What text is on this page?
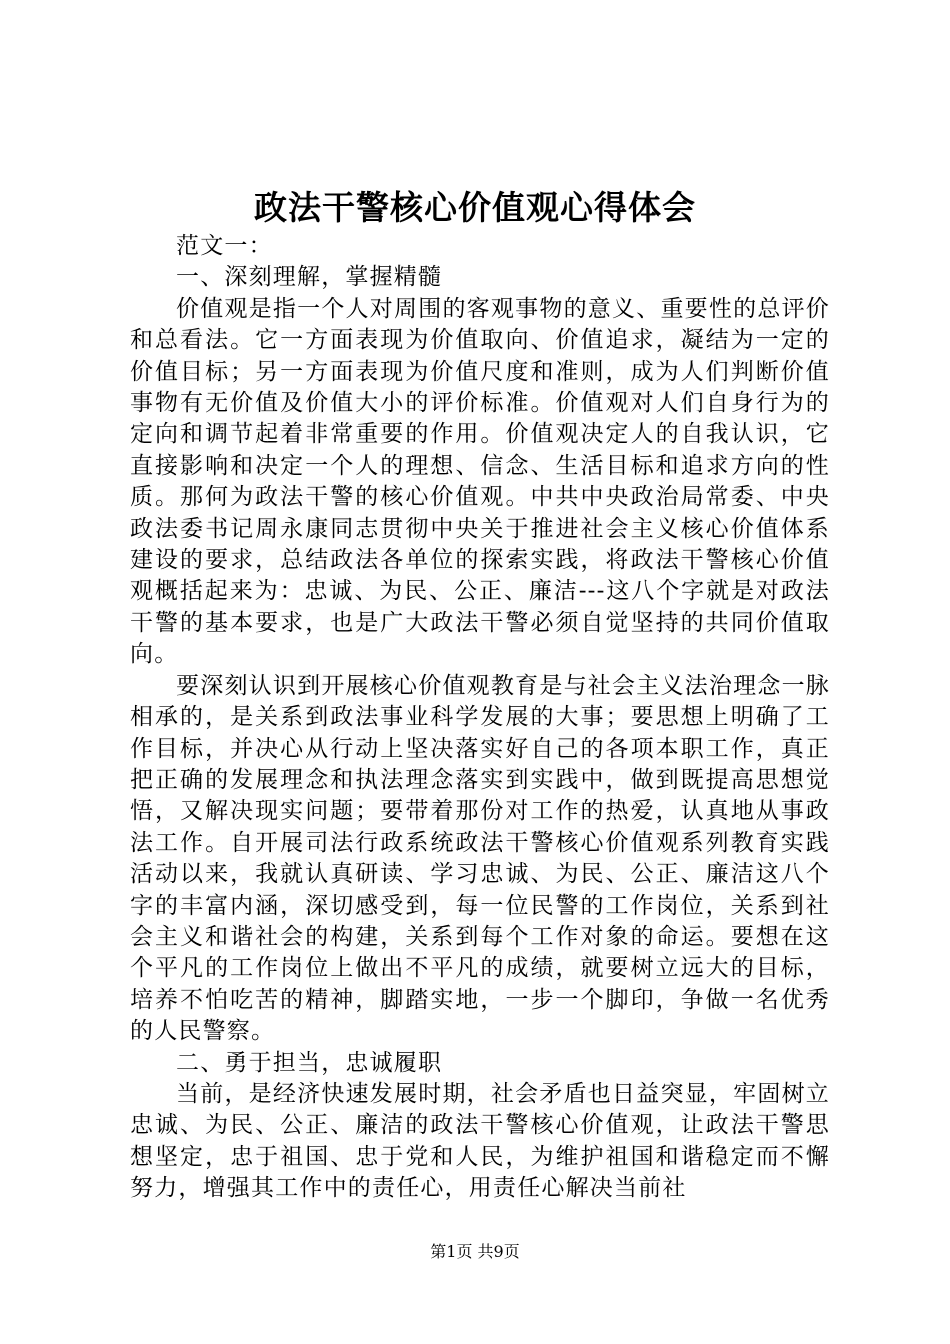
政法干警核心价值观心得体会

范文一：

一、深刻理解，掌握精髓

价值观是指一个人对周围的客观事物的意义、重要性的总评价和总看法。它一方面表现为价值取向、价值追求，凝结为一定的价值目标；另一方面表现为价值尺度和准则，成为人们判断价值事物有无价值及价值大小的评价标准。价值观对人们自身行为的定向和调节起着非常重要的作用。价值观决定人的自我认识，它直接影响和决定一个人的理想、信念、生活目标和追求方向的性质。那何为政法干警的核心价值观。中共中央政治局常委、中央政法委书记周永康同志贯彻中央关于推进社会主义核心价值体系建设的要求，总结政法各单位的探索实践，将政法干警核心价值观概括起来为：忠诚、为民、公正、廉洁---这八个字就是对政法干警的基本要求，也是广大政法干警必须自觉坚持的共同价值取向。

要深刻认识到开展核心价值观教育是与社会主义法治理念一脉相承的，是关系到政法事业科学发展的大事；要思想上明确了工作目标，并决心从行动上坚决落实好自己的各项本职工作，真正把正确的发展理念和执法理念落实到实践中，做到既提高思想觉悟，又解决现实问题；要带着那份对工作的热爱，认真地从事政法工作。自开展司法行政系统政法干警核心价值观系列教育实践活动以来，我就认真研读、学习忠诚、为民、公正、廉洁这八个字的丰富内涵，深切感受到，每一位民警的工作岗位，关系到社会主义和谐社会的构建，关系到每个工作对象的命运。要想在这个平凡的工作岗位上做出不平凡的成绩，就要树立远大的目标，培养不怕吃苦的精神，脚踏实地，一步一个脚印，争做一名优秀的人民警察。

二、勇于担当，忠诚履职

当前，是经济快速发展时期，社会矛盾也日益突显，牢固树立忠诚、为民、公正、廉洁的政法干警核心价值观，让政法干警思想坚定，忠于祖国、忠于党和人民，为维护祖国和谐稳定而不懈努力，增强其工作中的责任心，用责任心解决当前社

第1页 共9页
